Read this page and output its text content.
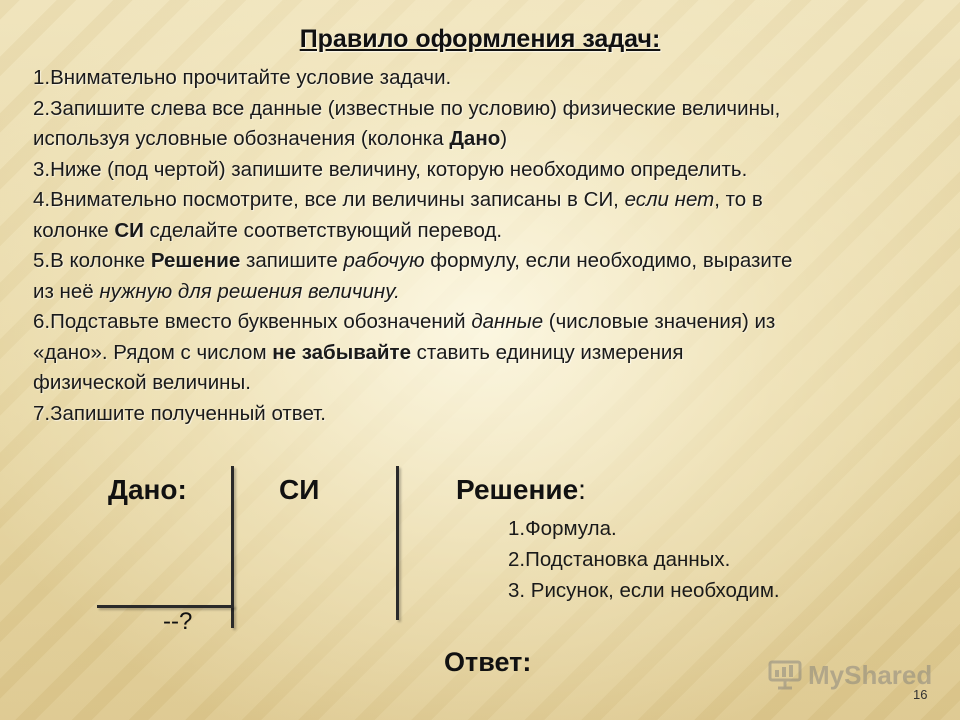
Правило оформления задач:
1.Внимательно прочитайте условие задачи.
2.Запишите слева все данные (известные по условию) физические величины,
используя условные обозначения (колонка Дано)
3.Ниже (под чертой) запишите величину, которую необходимо определить.
4.Внимательно посмотрите, все ли величины записаны в СИ, если нет, то в
колонке СИ сделайте соответствующий перевод.
5.В колонке Решение запишите рабочую формулу, если необходимо, выразите
из неё нужную для решения величину.
6.Подставьте вместо буквенных обозначений данные (числовые значения) из
«дано». Рядом с числом не забывайте ставить единицу измерения
физической величины.
7.Запишите полученный ответ.
Дано:	СИ	Решение:
--?
1.Формула.
2.Подстановка данных.
3. Рисунок, если необходим.
Ответ:	MyShared
16
